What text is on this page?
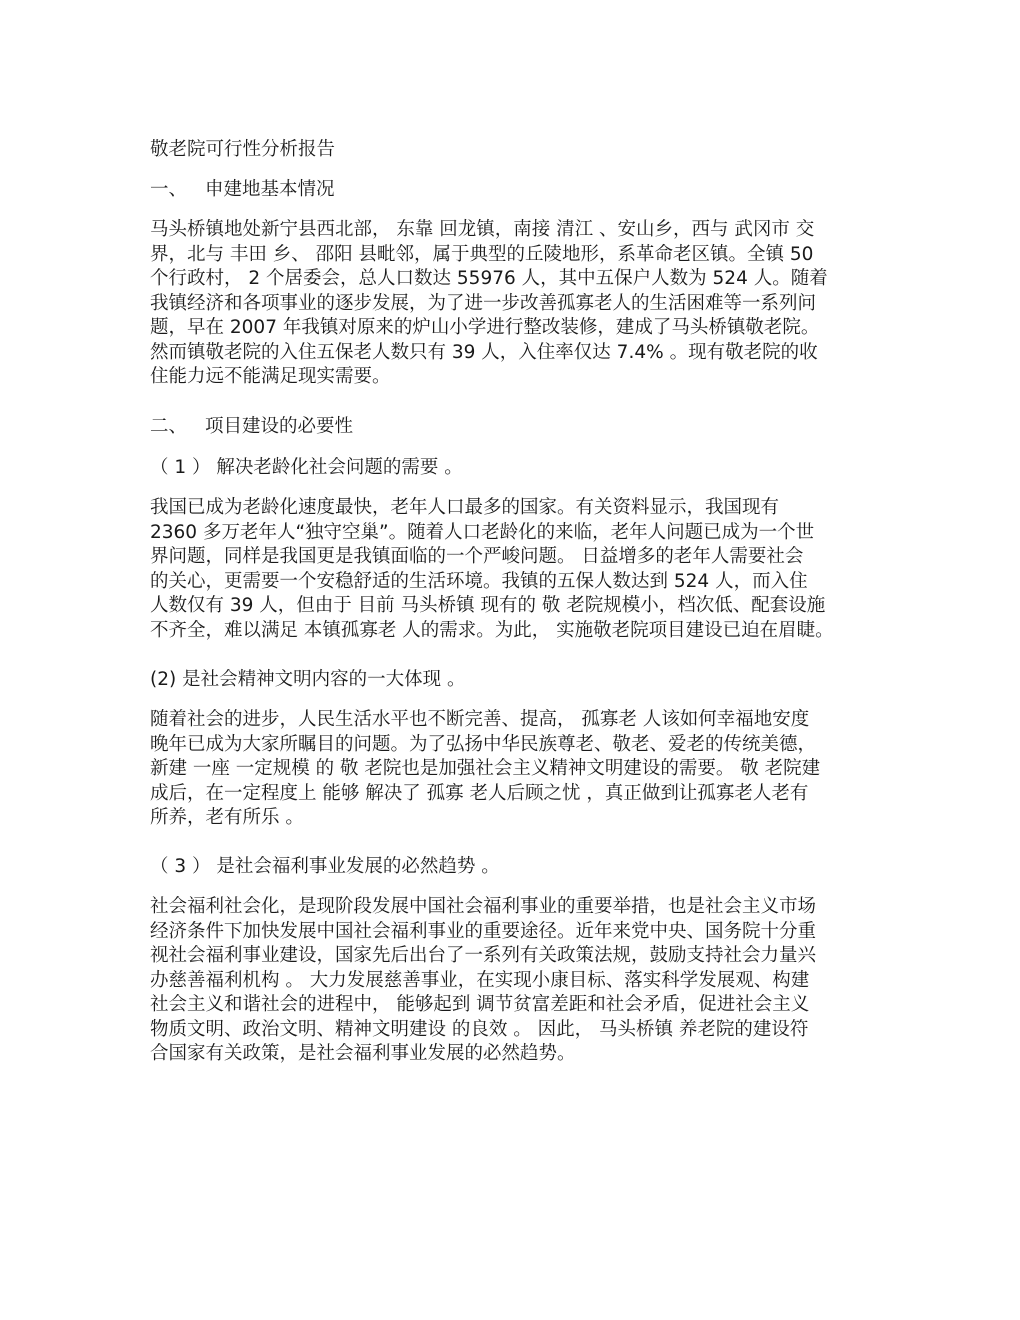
敬老院可行性分析报告
一、 申建地基本情况
马头桥镇地处新宁县西北部， 东靠 回龙镇，南接 清江 、安山乡，西与 武冈市 交
界，北与 丰田 乡、 邵阳 县毗邻，属于典型的丘陵地形，系革命老区镇。全镇 50
个行政村， 2 个居委会，总人口数达 55976 人，其中五保户人数为 524 人。随着
我镇经济和各项事业的逐步发展，为了进一步改善孤寡老人的生活困难等一系列问
题，早在 2007 年我镇对原来的炉山小学进行整改装修，建成了马头桥镇敬老院。
然而镇敬老院的入住五保老人数只有 39 人，入住率仅达 7.4% 。现有敬老院的收
住能力远不能满足现实需要。
二、 项目建设的必要性
（ 1 ） 解决老龄化社会问题的需要 。
我国已成为老龄化速度最快，老年人口最多的国家。有关资料显示，我国现有
2360 多万老年人“独守空巢”。随着人口老龄化的来临，老年人问题已成为一个世
界问题，同样是我国更是我镇面临的一个严峻问题。 日益增多的老年人需要社会
的关心，更需要一个安稳舒适的生活环境。我镇的五保人数达到 524 人，而入住
人数仅有 39 人，但由于 目前 马头桥镇 现有的 敬 老院规模小，档次低、配套设施
不齐全，难以满足 本镇孤寡老 人的需求。为此， 实施敬老院项目建设已迫在眉睫。
(2) 是社会精神文明内容的一大体现 。
随着社会的进步，人民生活水平也不断完善、提高， 孤寡老 人该如何幸福地安度
晚年已成为大家所瞩目的问题。为了弘扬中华民族尊老、敬老、爱老的传统美德，
新建 一座 一定规模 的 敬 老院也是加强社会主义精神文明建设的需要。 敬 老院建
成后，在一定程度上 能够 解决了 孤寡 老人后顾之忧 ，真正做到让孤寡老人老有
所养，老有所乐 。
（ 3 ） 是社会福利事业发展的必然趋势 。
社会福利社会化，是现阶段发展中国社会福利事业的重要举措，也是社会主义市场
经济条件下加快发展中国社会福利事业的重要途径。近年来党中央、国务院十分重
视社会福利事业建设，国家先后出台了一系列有关政策法规，鼓励支持社会力量兴
办慈善福利机构 。 大力发展慈善事业，在实现小康目标、落实科学发展观、构建
社会主义和谐社会的进程中， 能够起到 调节贫富差距和社会矛盾，促进社会主义
物质文明、政治文明、精神文明建设 的良效 。 因此， 马头桥镇 养老院的建设符
合国家有关政策，是社会福利事业发展的必然趋势。
